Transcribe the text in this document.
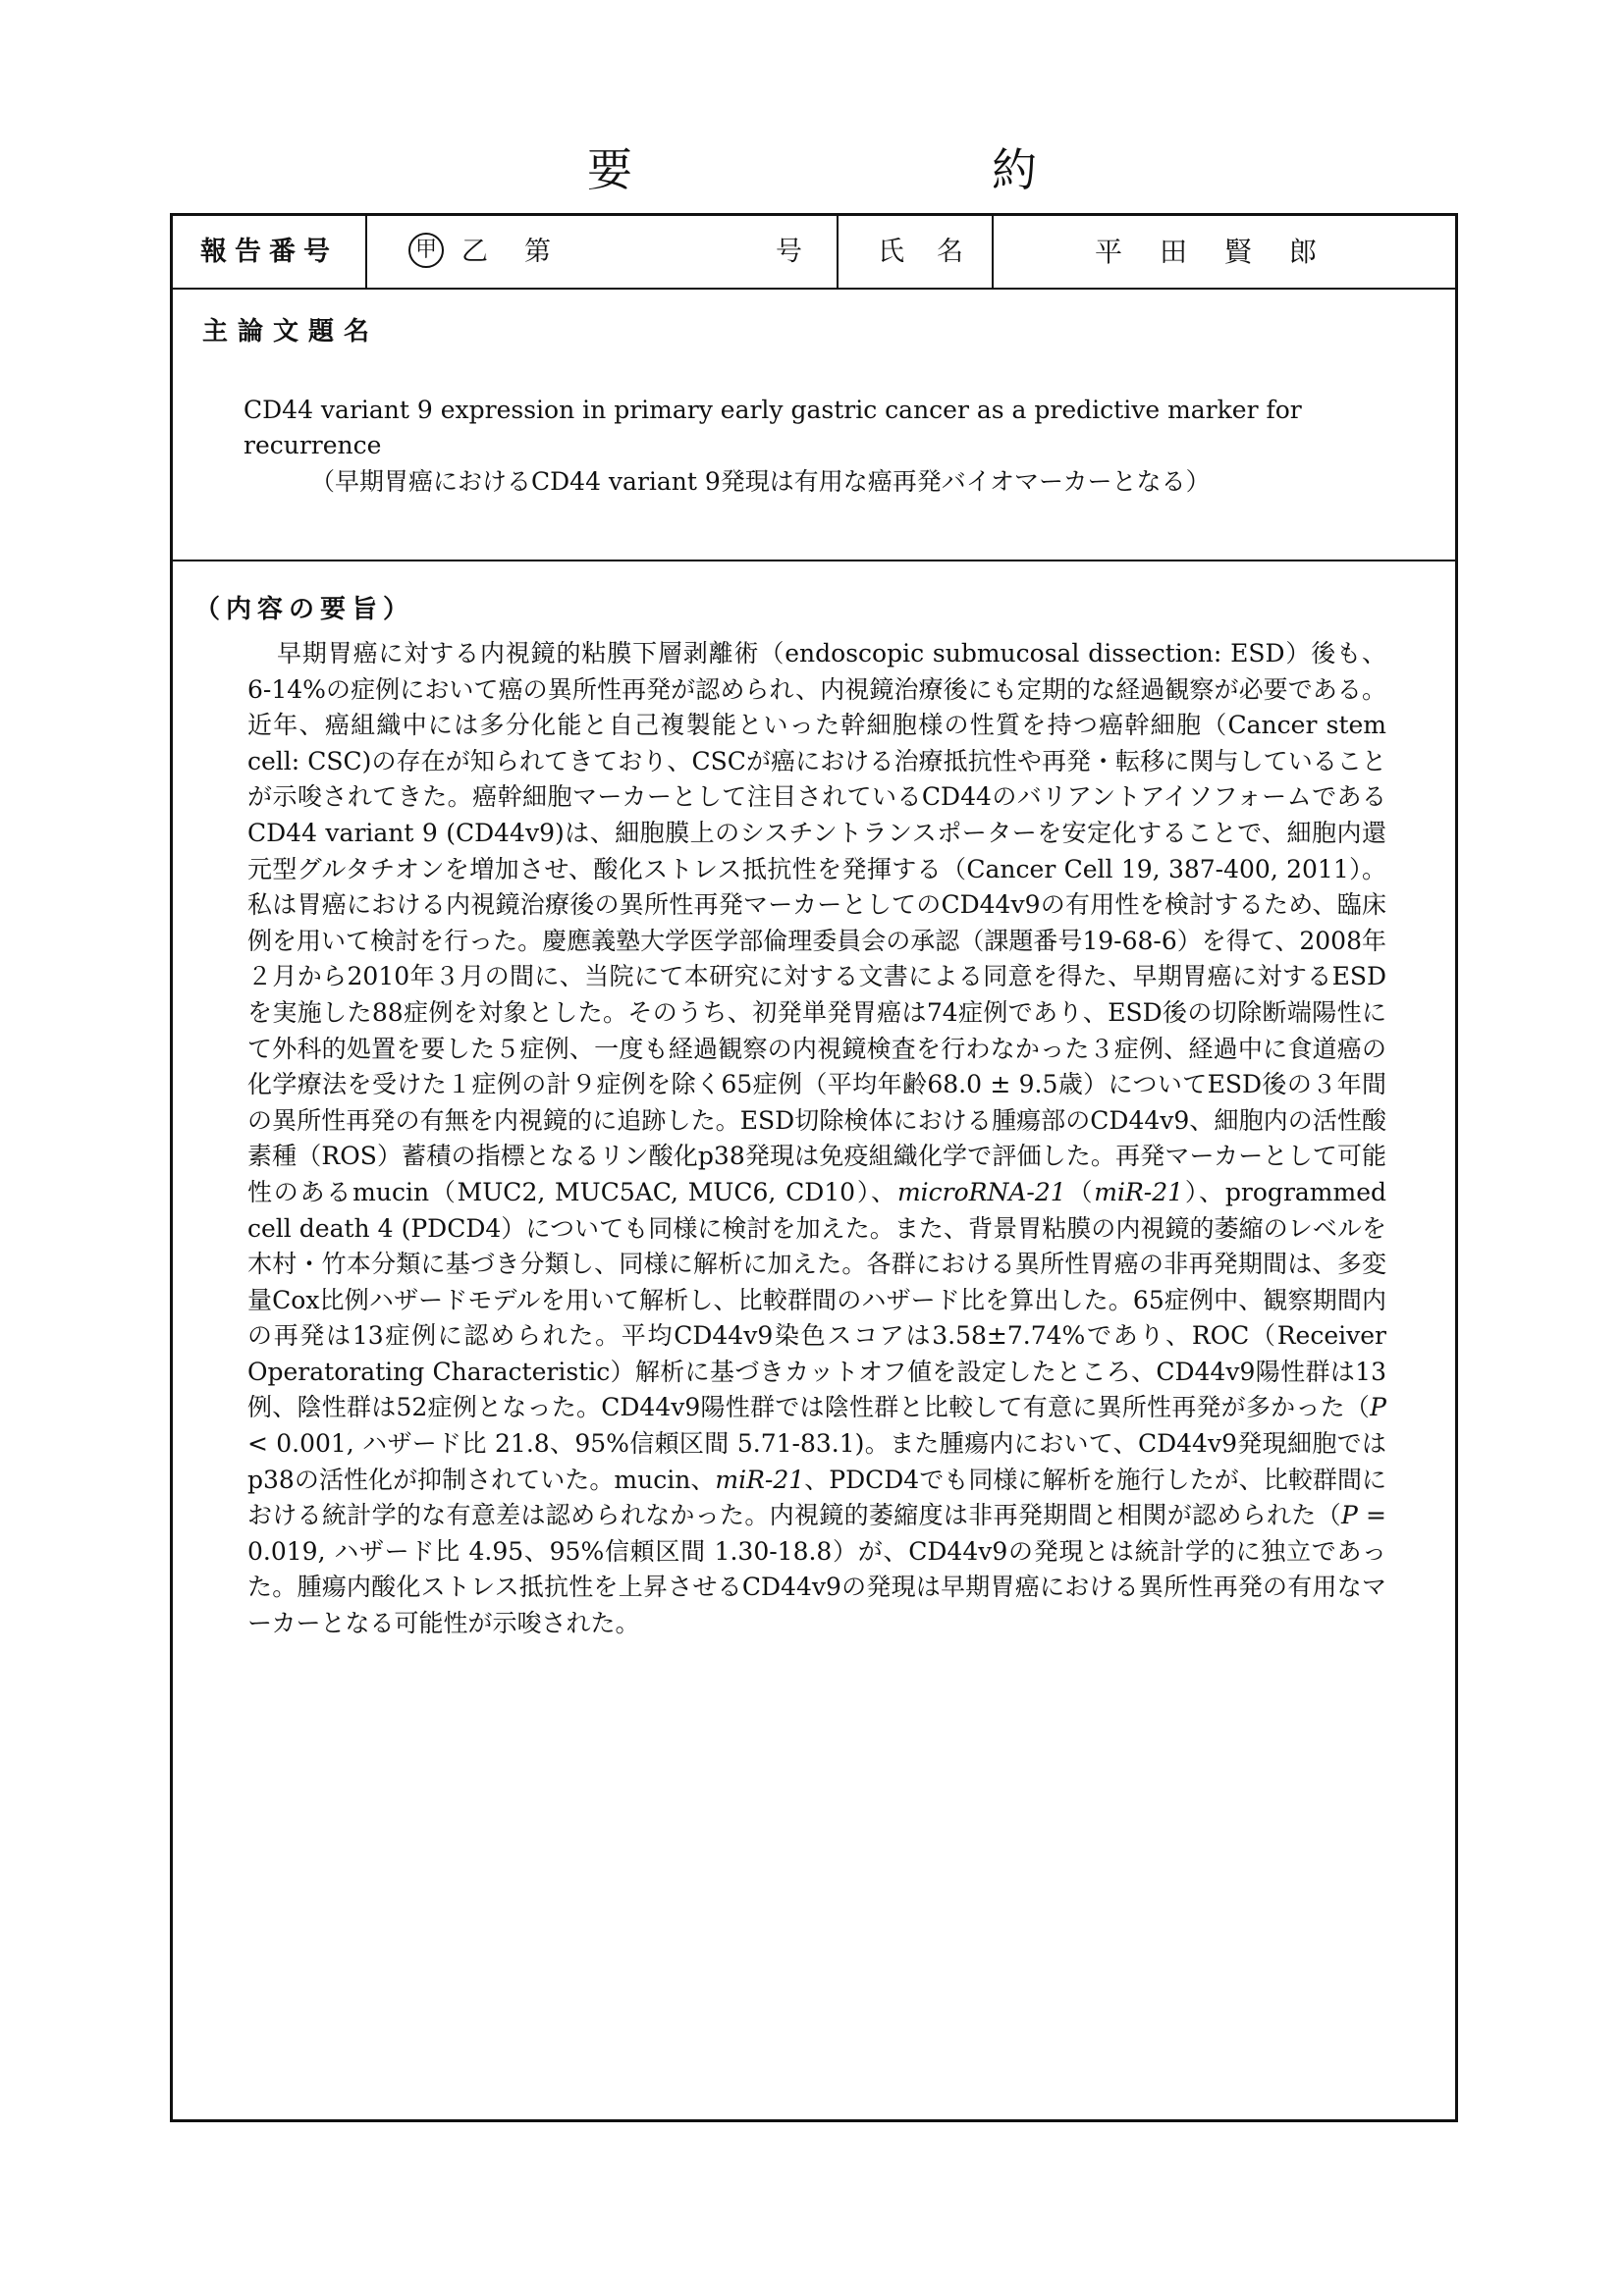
要	約
報告番号	甲 乙 第	号	氏 名	平田賢郎
主論文題名
CD44 variant 9 expression in primary early gastric cancer as a predictive marker for recurrence
（早期胃癌におけるCD44 variant 9発現は有用な癌再発バイオマーカーとなる）
（内容の要旨）

早期胃癌に対する内視鏡的粘膜下層剥離術（endoscopic submucosal dissection: ESD）後も、6-14%の症例において癌の異所性再発が認められ、内視鏡治療後にも定期的な経過観察が必要である。近年、癌組織中には多分化能と自己複製能といった幹細胞様の性質を持つ癌幹細胞（Cancer stem cell: CSC)の存在が知られてきており、CSCが癌における治療抵抗性や再発・転移に関与していることが示唆されてきた。癌幹細胞マーカーとして注目されているCD44のバリアントアイソフォームであるCD44 variant 9 (CD44v9)は、細胞膜上のシスチントランスポーターを安定化することで、細胞内還元型グルタチオンを増加させ、酸化ストレス抵抗性を発揮する（Cancer Cell 19, 387-400, 2011）。私は胃癌における内視鏡治療後の異所性再発マーカーとしてのCD44v9の有用性を検討するため、臨床例を用いて検討を行った。慶應義塾大学医学部倫理委員会の承認（課題番号19-68-6）を得て、2008年２月から2010年３月の間に、当院にて本研究に対する文書による同意を得た、早期胃癌に対するESDを実施した88症例を対象とした。そのうち、初発単発胃癌は74症例であり、ESD後の切除断端陽性にて外科的処置を要した５症例、一度も経過観察の内視鏡検査を行わなかった３症例、経過中に食道癌の化学療法を受けた１症例の計９症例を除く65症例（平均年齢68.0 ± 9.5歳）についてESD後の３年間の異所性再発の有無を内視鏡的に追跡した。ESD切除検体における腫瘍部のCD44v9、細胞内の活性酸素種（ROS）蓄積の指標となるリン酸化p38発現は免疫組織化学で評価した。再発マーカーとして可能性のあるmucin（MUC2, MUC5AC, MUC6, CD10）、microRNA-21（miR-21）、programmed cell death 4 (PDCD4）についても同様に検討を加えた。また、背景胃粘膜の内視鏡的萎縮のレベルを木村・竹本分類に基づき分類し、同様に解析に加えた。各群における異所性胃癌の非再発期間は、多変量Cox比例ハザードモデルを用いて解析し、比較群間のハザード比を算出した。65症例中、観察期間内の再発は13症例に認められた。平均CD44v9染色スコアは3.58±7.74%であり、ROC（Receiver Operatorating Characteristic）解析に基づきカットオフ値を設定したところ、CD44v9陽性群は13例、陰性群は52症例となった。CD44v9陽性群では陰性群と比較して有意に異所性再発が多かった（P < 0.001, ハザード比 21.8、95%信頼区間 5.71-83.1)。また腫瘍内において、CD44v9発現細胞ではp38の活性化が抑制されていた。mucin、miR-21、PDCD4でも同様に解析を施行したが、比較群間における統計学的な有意差は認められなかった。内視鏡的萎縮度は非再発期間と相関が認められた（P = 0.019, ハザード比 4.95、95%信頼区間 1.30-18.8）が、CD44v9の発現とは統計学的に独立であった。腫瘍内酸化ストレス抵抗性を上昇させるCD44v9の発現は早期胃癌における異所性再発の有用なマーカーとなる可能性が示唆された。
